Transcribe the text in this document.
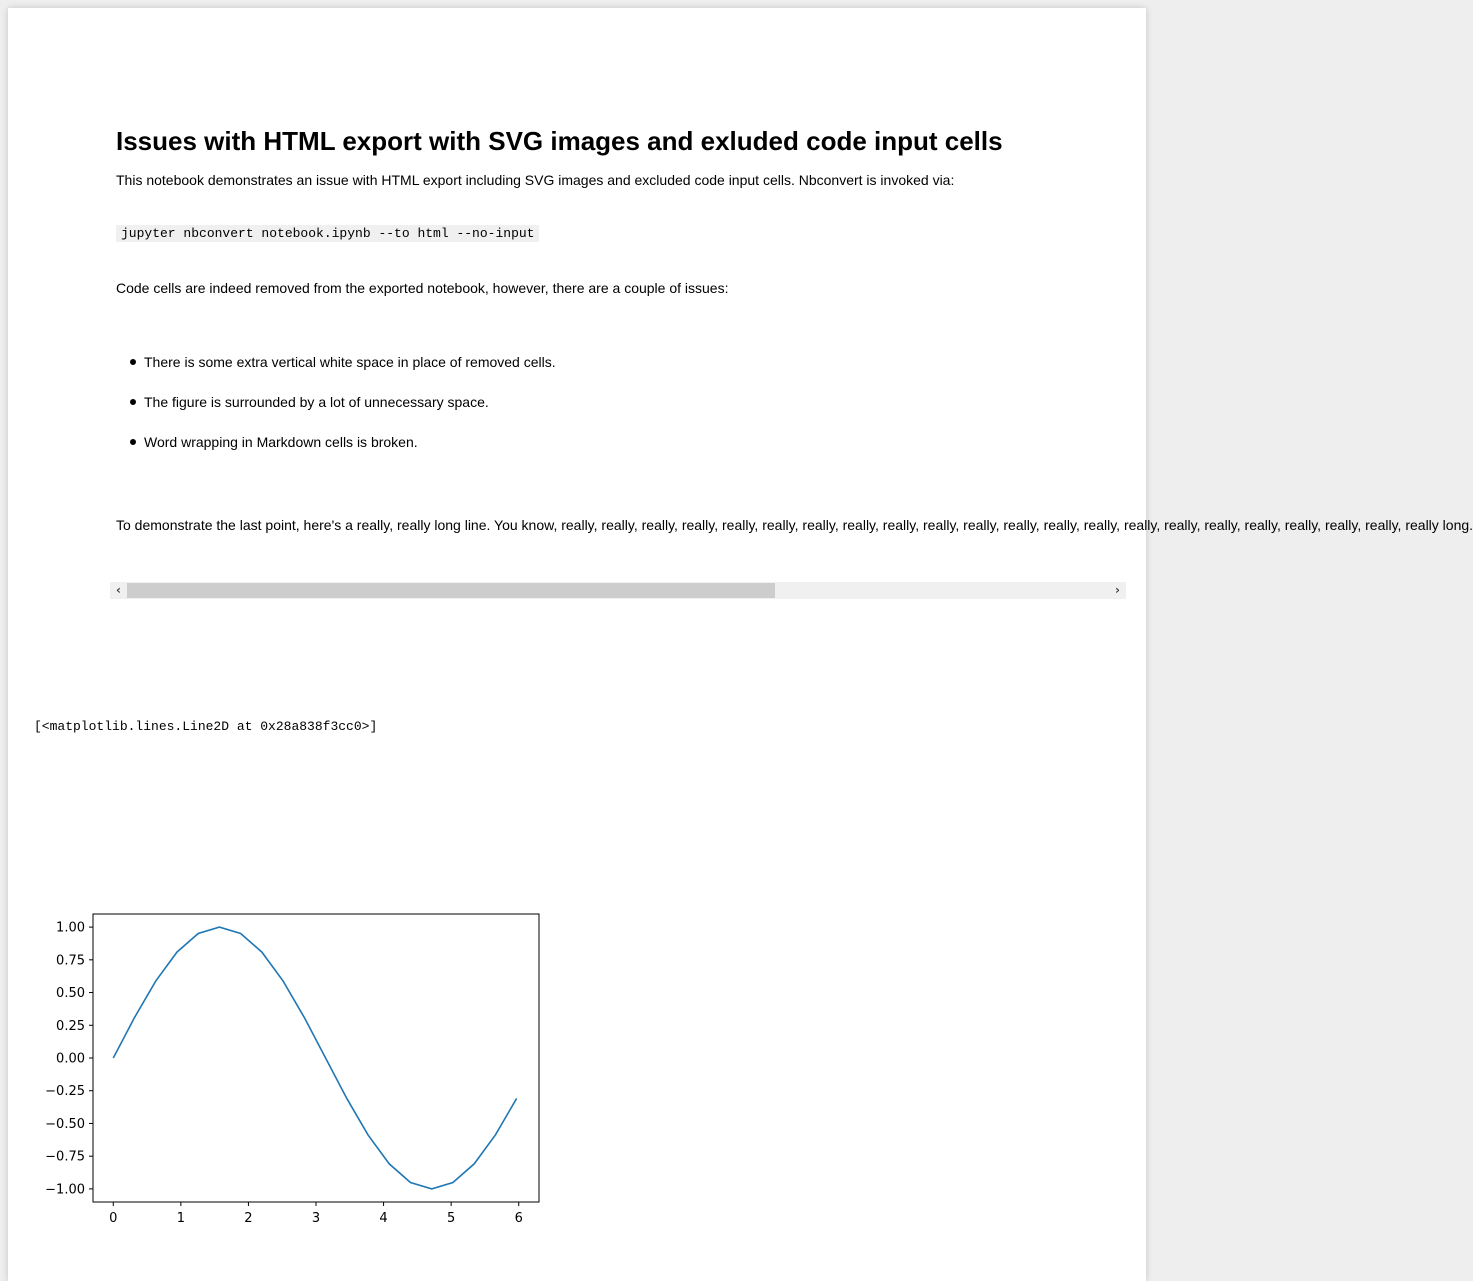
Issues with HTML export with SVG images and exluded code input cells
This notebook demonstrates an issue with HTML export including SVG images and excluded code input cells. Nbconvert is invoked via:
jupyter nbconvert notebook.ipynb --to html --no-input
Code cells are indeed removed from the exported notebook, however, there are a couple of issues:
There is some extra vertical white space in place of removed cells.
The figure is surrounded by a lot of unnecessary space.
Word wrapping in Markdown cells is broken.
To demonstrate the last point, here's a really, really long line. You know, really, really, really, really, really, really, really, really, really, really, really, really, really, really, really, really, really, really, really, really, really, really long.
‹	›
[<matplotlib.lines.Line2D at 0x28a838f3cc0>]
0	1	2	3	4	5	6
1.00
0.75
0.50
0.25
0.00
−0.25
−0.50
−0.75
−1.00
